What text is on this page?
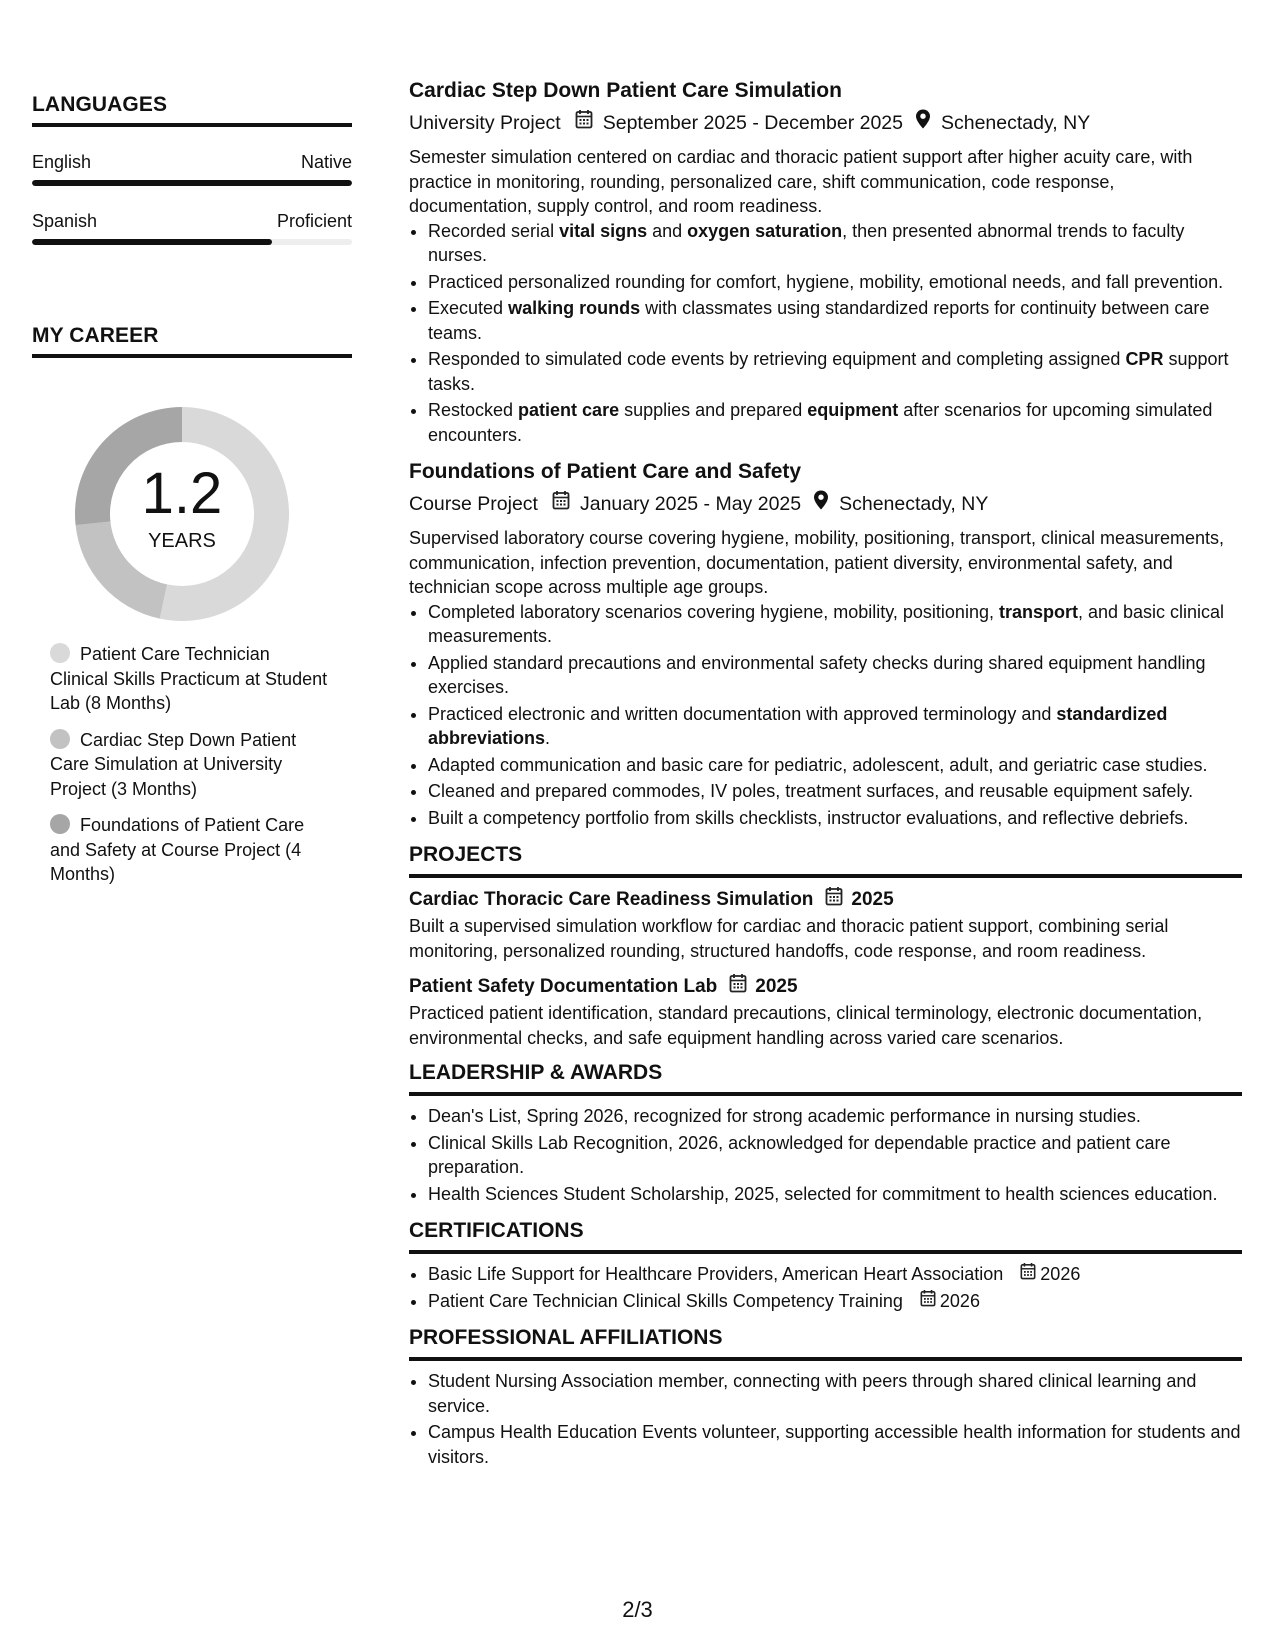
LANGUAGES
English	Native
Spanish	Proficient
MY CAREER
1.2
YEARS
Patient Care Technician Clinical Skills Practicum at Student Lab (8 Months)
Cardiac Step Down Patient Care Simulation at University Project (3 Months)
Foundations of Patient Care and Safety at Course Project (4 Months)
Cardiac Step Down Patient Care Simulation
University Project September 2025 - December 2025 Schenectady, NY
Semester simulation centered on cardiac and thoracic patient support after higher acuity care, with practice in monitoring, rounding, personalized care, shift communication, code response, documentation, supply control, and room readiness.
• Recorded serial vital signs and oxygen saturation, then presented abnormal trends to faculty nurses.
• Practiced personalized rounding for comfort, hygiene, mobility, emotional needs, and fall prevention.
• Executed walking rounds with classmates using standardized reports for continuity between care teams.
• Responded to simulated code events by retrieving equipment and completing assigned CPR support tasks.
• Restocked patient care supplies and prepared equipment after scenarios for upcoming simulated encounters.
Foundations of Patient Care and Safety
Course Project January 2025 - May 2025 Schenectady, NY
Supervised laboratory course covering hygiene, mobility, positioning, transport, clinical measurements, communication, infection prevention, documentation, patient diversity, environmental safety, and technician scope across multiple age groups.
• Completed laboratory scenarios covering hygiene, mobility, positioning, transport, and basic clinical measurements.
• Applied standard precautions and environmental safety checks during shared equipment handling exercises.
• Practiced electronic and written documentation with approved terminology and standardized abbreviations.
• Adapted communication and basic care for pediatric, adolescent, adult, and geriatric case studies.
• Cleaned and prepared commodes, IV poles, treatment surfaces, and reusable equipment safely.
• Built a competency portfolio from skills checklists, instructor evaluations, and reflective debriefs.
PROJECTS
Cardiac Thoracic Care Readiness Simulation 2025
Built a supervised simulation workflow for cardiac and thoracic patient support, combining serial monitoring, personalized rounding, structured handoffs, code response, and room readiness.
Patient Safety Documentation Lab 2025
Practiced patient identification, standard precautions, clinical terminology, electronic documentation, environmental checks, and safe equipment handling across varied care scenarios.
LEADERSHIP & AWARDS
• Dean's List, Spring 2026, recognized for strong academic performance in nursing studies.
• Clinical Skills Lab Recognition, 2026, acknowledged for dependable practice and patient care preparation.
• Health Sciences Student Scholarship, 2025, selected for commitment to health sciences education.
CERTIFICATIONS
• Basic Life Support for Healthcare Providers, American Heart Association 2026
• Patient Care Technician Clinical Skills Competency Training 2026
PROFESSIONAL AFFILIATIONS
• Student Nursing Association member, connecting with peers through shared clinical learning and service.
• Campus Health Education Events volunteer, supporting accessible health information for students and visitors.
2/3
